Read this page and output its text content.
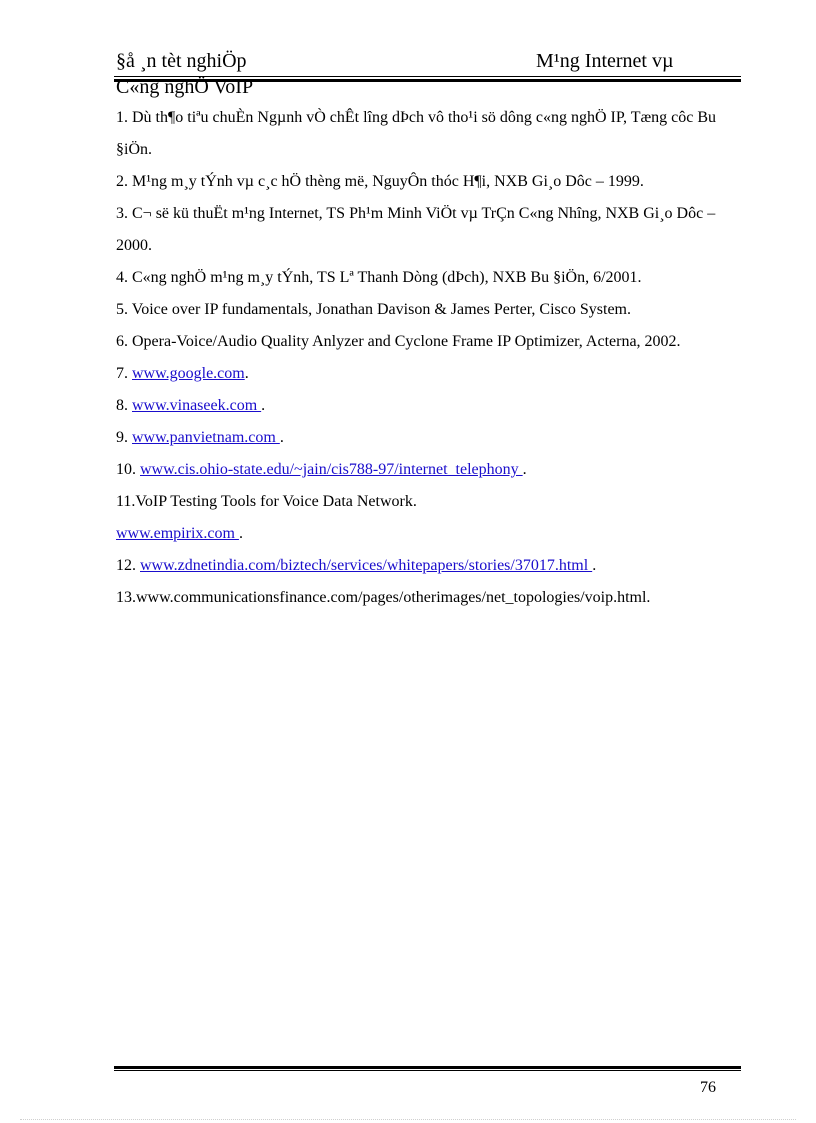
§å ¸n tèt nghiÖp	M¹ng Internet vµ
C«ng nghÖ VoIP

1. Dù th¶o tiªu chuÈn Ngµnh vÒ chÊt lîng dÞch vô tho¹i sö dông c«ng nghÖ IP, Tæng côc Bu §iÖn.

2. M¹ng m¸y tÝnh vµ c¸c hÖ thèng më, NguyÔn thóc H¶i, NXB Gi¸o Dôc – 1999.

3. C¬ së kü thuËt m¹ng Internet, TS Ph¹m Minh ViÖt vµ TrÇn C«ng Nhîng, NXB Gi¸o Dôc – 2000.

4. C«ng nghÖ m¹ng m¸y tÝnh, TS Lª Thanh Dòng (dÞch), NXB Bu §iÖn, 6/2001.

5. Voice over IP fundamentals, Jonathan Davison & James Perter, Cisco System.

6. Opera-Voice/Audio Quality Anlyzer and Cyclone Frame IP Optimizer, Acterna, 2002.

7. www.google.com.

8. www.vinaseek.com .

9. www.panvietnam.com .

10. www.cis.ohio-state.edu/~jain/cis788-97/internet_telephony .

11.VoIP Testing Tools for Voice Data Network.

www.empirix.com .

12. www.zdnetindia.com/biztech/services/whitepapers/stories/37017.html .

13.www.communicationsfinance.com/pages/otherimages/net_topologies/voip.html.

76
